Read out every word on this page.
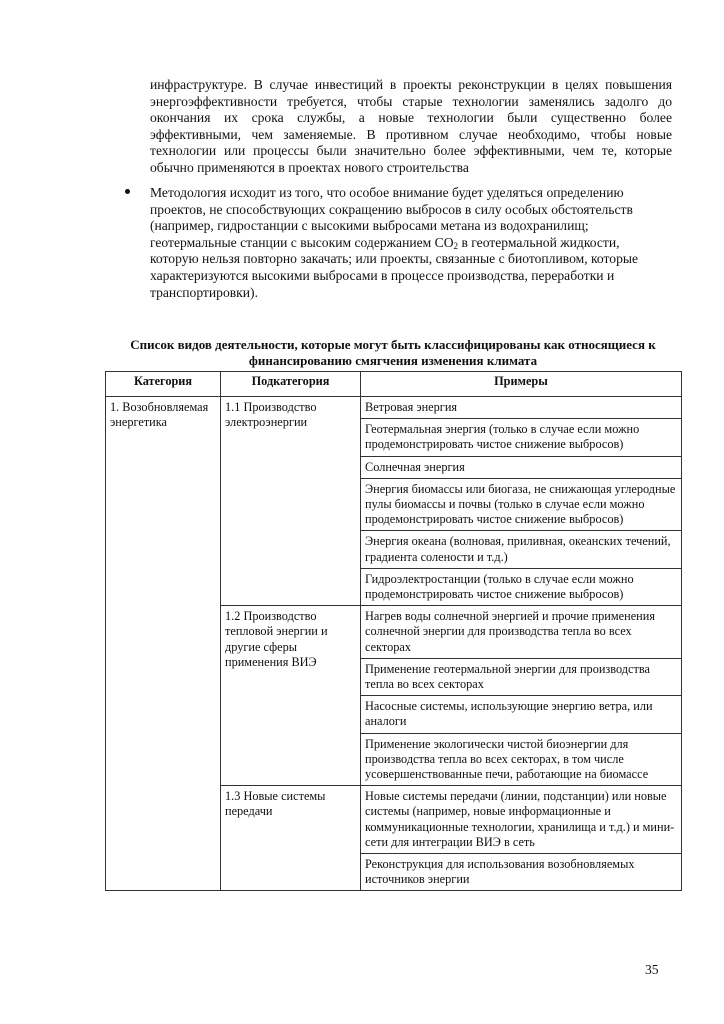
инфраструктуре. В случае инвестиций в проекты реконструкции в целях повышения энергоэффективности требуется, чтобы старые технологии заменялись задолго до окончания их срока службы, а новые технологии были существенно более эффективными, чем заменяемые. В противном случае необходимо, чтобы новые технологии или процессы были значительно более эффективными, чем те, которые обычно применяются в проектах нового строительства

Методология исходит из того, что особое внимание будет уделяться определению проектов, не способствующих сокращению выбросов в силу особых обстоятельств (например, гидростанции с высокими выбросами метана из водохранилищ; геотермальные станции с высоким содержанием $CO_2$ в геотермальной жидкости, которую нельзя повторно закачать; или проекты, связанные с биотопливом, которые характеризуются высокими выбросами в процессе производства, переработки и транспортировки).

Список видов деятельности, которые могут быть классифицированы как относящиеся к финансированию смягчения изменения климата

Категория	Подкатегория	Примеры
1. Возобновляемая энергетика	1.1 Производство электроэнергии	Ветровая энергия
		Геотермальная энергия (только в случае если можно продемонстрировать чистое снижение выбросов)
		Солнечная энергия
		Энергия биомассы или биогаза, не снижающая углеродные пулы биомассы и почвы (только в случае если можно продемонстрировать чистое снижение выбросов)
		Энергия океана (волновая, приливная, океанских течений, градиента солености и т.д.)
		Гидроэлектростанции (только в случае если можно продемонстрировать чистое снижение выбросов)
	1.2 Производство тепловой энергии и другие сферы применения ВИЭ	Нагрев воды солнечной энергией и прочие применения солнечной энергии для производства тепла во всех секторах
		Применение геотермальной энергии для производства тепла во всех секторах
		Насосные системы, использующие энергию ветра, или аналоги
		Применение экологически чистой биоэнергии для производства тепла во всех секторах, в том числе усовершенствованные печи, работающие на биомассе
	1.3 Новые системы передачи	Новые системы передачи (линии, подстанции) или новые системы (например, новые информационные и коммуникационные технологии, хранилища и т.д.) и мини-сети для интеграции ВИЭ в сеть
		Реконструкция для использования возобновляемых источников энергии
35
